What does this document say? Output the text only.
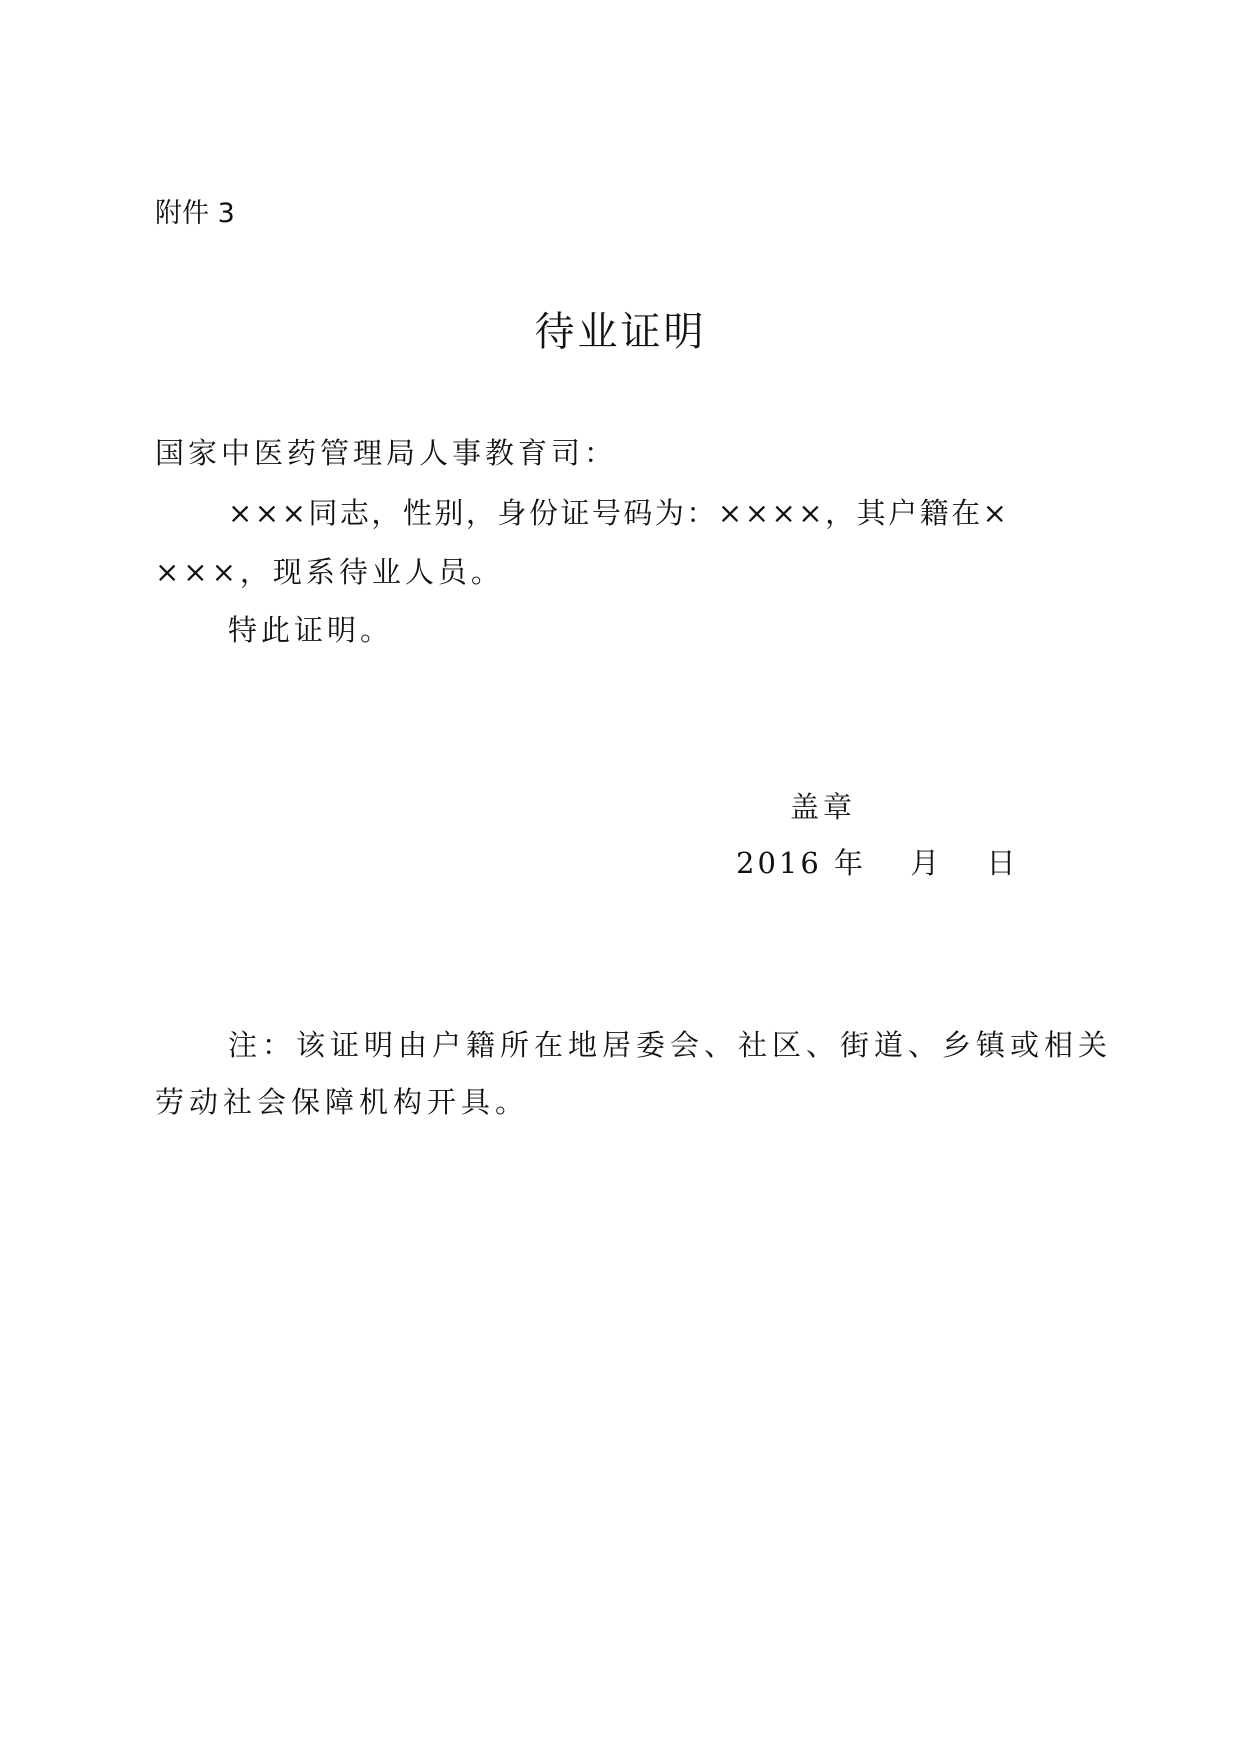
附件 3
待业证明
国家中医药管理局人事教育司：
×××同志，性别，身份证号码为：××××，其户籍在×
×××，现系待业人员。
特此证明。
盖章
2016 年　 月　 日
注：该证明由户籍所在地居委会、社区、街道、乡镇或相关
劳动社会保障机构开具。
